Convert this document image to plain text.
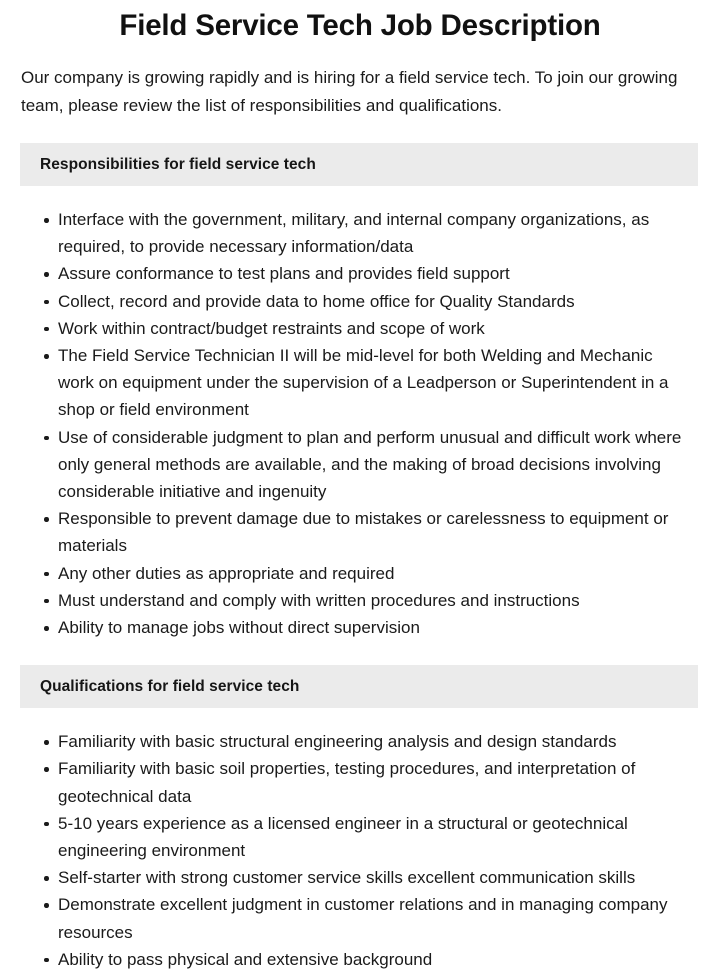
Field Service Tech Job Description

Our company is growing rapidly and is hiring for a field service tech. To join our growing team, please review the list of responsibilities and qualifications.

Responsibilities for field service tech
Interface with the government, military, and internal company organizations, as required, to provide necessary information/data
Assure conformance to test plans and provides field support
Collect, record and provide data to home office for Quality Standards
Work within contract/budget restraints and scope of work
The Field Service Technician II will be mid-level for both Welding and Mechanic work on equipment under the supervision of a Leadperson or Superintendent in a shop or field environment
Use of considerable judgment to plan and perform unusual and difficult work where only general methods are available, and the making of broad decisions involving considerable initiative and ingenuity
Responsible to prevent damage due to mistakes or carelessness to equipment or materials
Any other duties as appropriate and required
Must understand and comply with written procedures and instructions
Ability to manage jobs without direct supervision
Qualifications for field service tech
Familiarity with basic structural engineering analysis and design standards
Familiarity with basic soil properties, testing procedures, and interpretation of geotechnical data
5-10 years experience as a licensed engineer in a structural or geotechnical engineering environment
Self-starter with strong customer service skills excellent communication skills
Demonstrate excellent judgment in customer relations and in managing company resources
Ability to pass physical and extensive background
